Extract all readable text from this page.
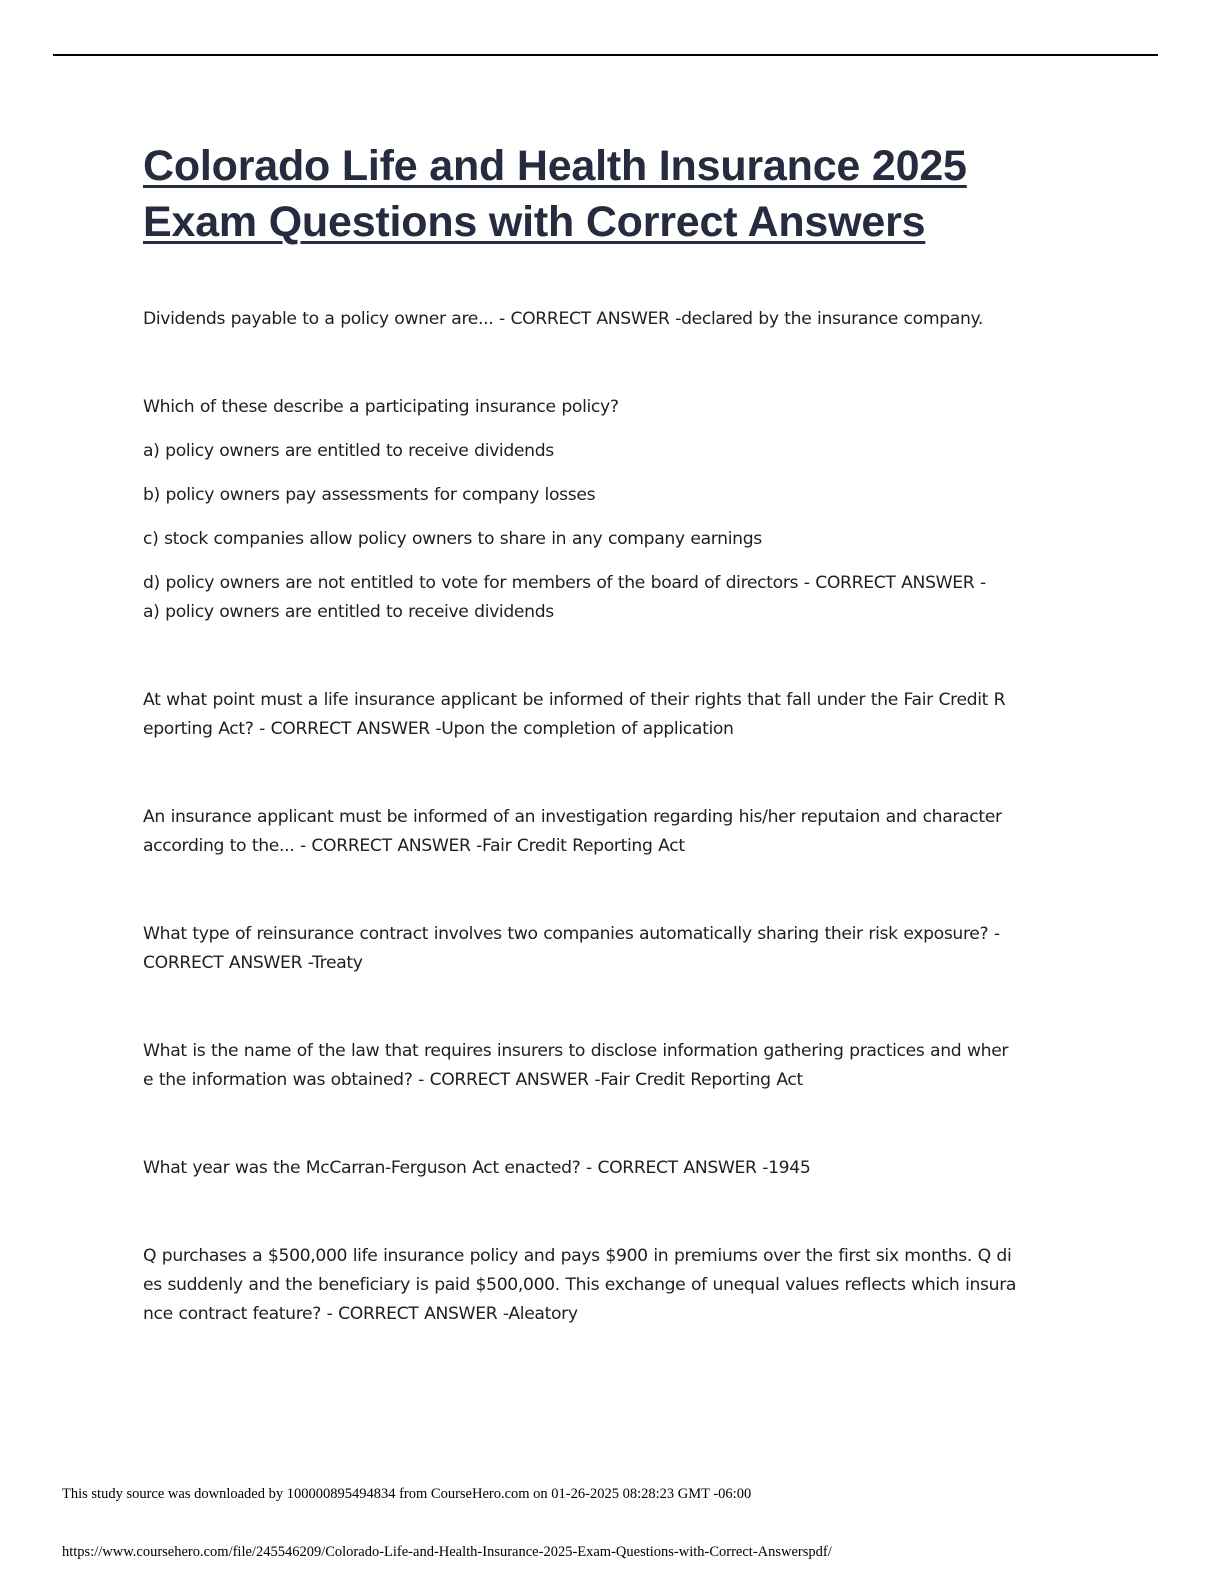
Colorado Life and Health Insurance 2025
Exam Questions with Correct Answers

Dividends payable to a policy owner are... - CORRECT ANSWER -declared by the insurance company.

Which of these describe a participating insurance policy?

a) policy owners are entitled to receive dividends

b) policy owners pay assessments for company losses

c) stock companies allow policy owners to share in any company earnings

d) policy owners are not entitled to vote for members of the board of directors - CORRECT ANSWER -

a) policy owners are entitled to receive dividends

At what point must a life insurance applicant be informed of their rights that fall under the Fair Credit R

eporting Act? - CORRECT ANSWER -Upon the completion of application

An insurance applicant must be informed of an investigation regarding his/her reputaion and character

according to the... - CORRECT ANSWER -Fair Credit Reporting Act

What type of reinsurance contract involves two companies automatically sharing their risk exposure? -

CORRECT ANSWER -Treaty

What is the name of the law that requires insurers to disclose information gathering practices and wher

e the information was obtained? - CORRECT ANSWER -Fair Credit Reporting Act

What year was the McCarran-Ferguson Act enacted? - CORRECT ANSWER -1945

Q purchases a $500,000 life insurance policy and pays $900 in premiums over the first six months. Q di

es suddenly and the beneficiary is paid $500,000. This exchange of unequal values reflects which insura

nce contract feature? - CORRECT ANSWER -Aleatory

This study source was downloaded by 100000895494834 from CourseHero.com on 01-26-2025 08:28:23 GMT -06:00
https://www.coursehero.com/file/245546209/Colorado-Life-and-Health-Insurance-2025-Exam-Questions-with-Correct-Answerspdf/
